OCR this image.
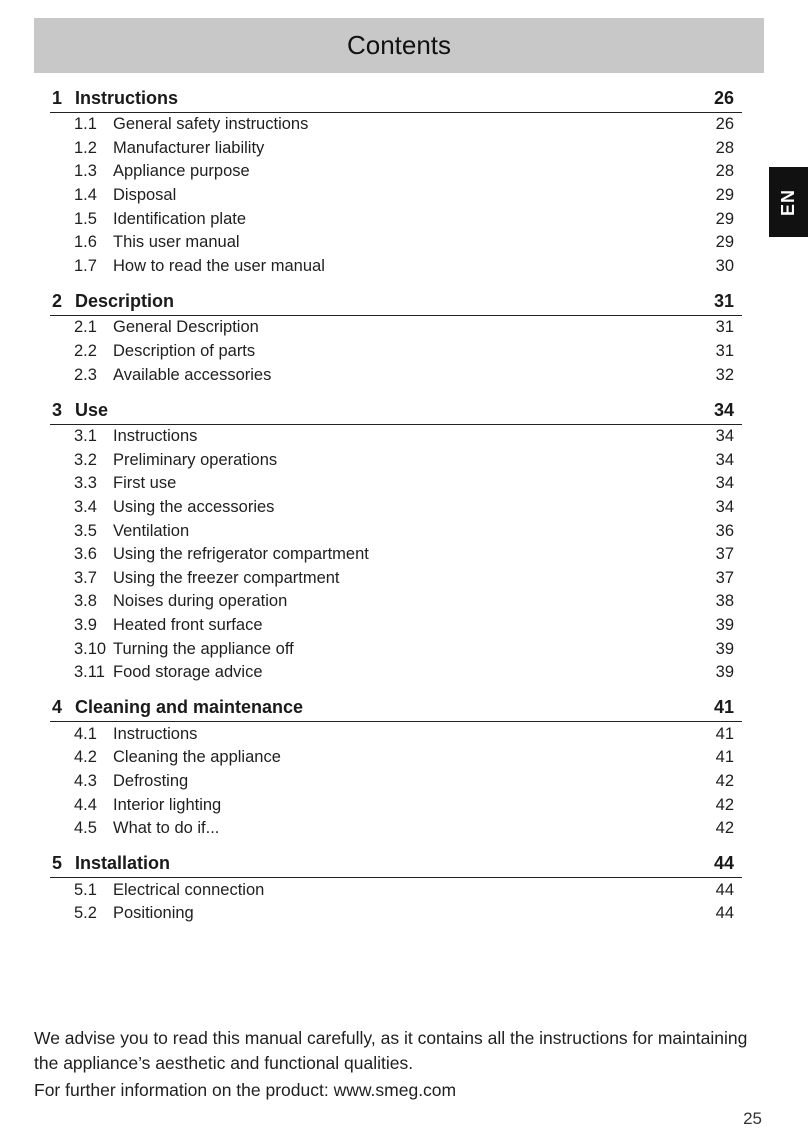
Contents
EN
1 Instructions	26
1.1 General safety instructions	26
1.2 Manufacturer liability	28
1.3 Appliance purpose	28
1.4 Disposal	29
1.5 Identification plate	29
1.6 This user manual	29
1.7 How to read the user manual	30
2 Description	31
2.1 General Description	31
2.2 Description of parts	31
2.3 Available accessories	32
3 Use	34
3.1 Instructions	34
3.2 Preliminary operations	34
3.3 First use	34
3.4 Using the accessories	34
3.5 Ventilation	36
3.6 Using the refrigerator compartment	37
3.7 Using the freezer compartment	37
3.8 Noises during operation	38
3.9 Heated front surface	39
3.10 Turning the appliance off	39
3.11 Food storage advice	39
4 Cleaning and maintenance	41
4.1 Instructions	41
4.2 Cleaning the appliance	41
4.3 Defrosting	42
4.4 Interior lighting	42
4.5 What to do if...	42
5 Installation	44
5.1 Electrical connection	44
5.2 Positioning	44

We advise you to read this manual carefully, as it contains all the instructions for maintaining the appliance’s aesthetic and functional qualities.

For further information on the product: www.smeg.com

25
